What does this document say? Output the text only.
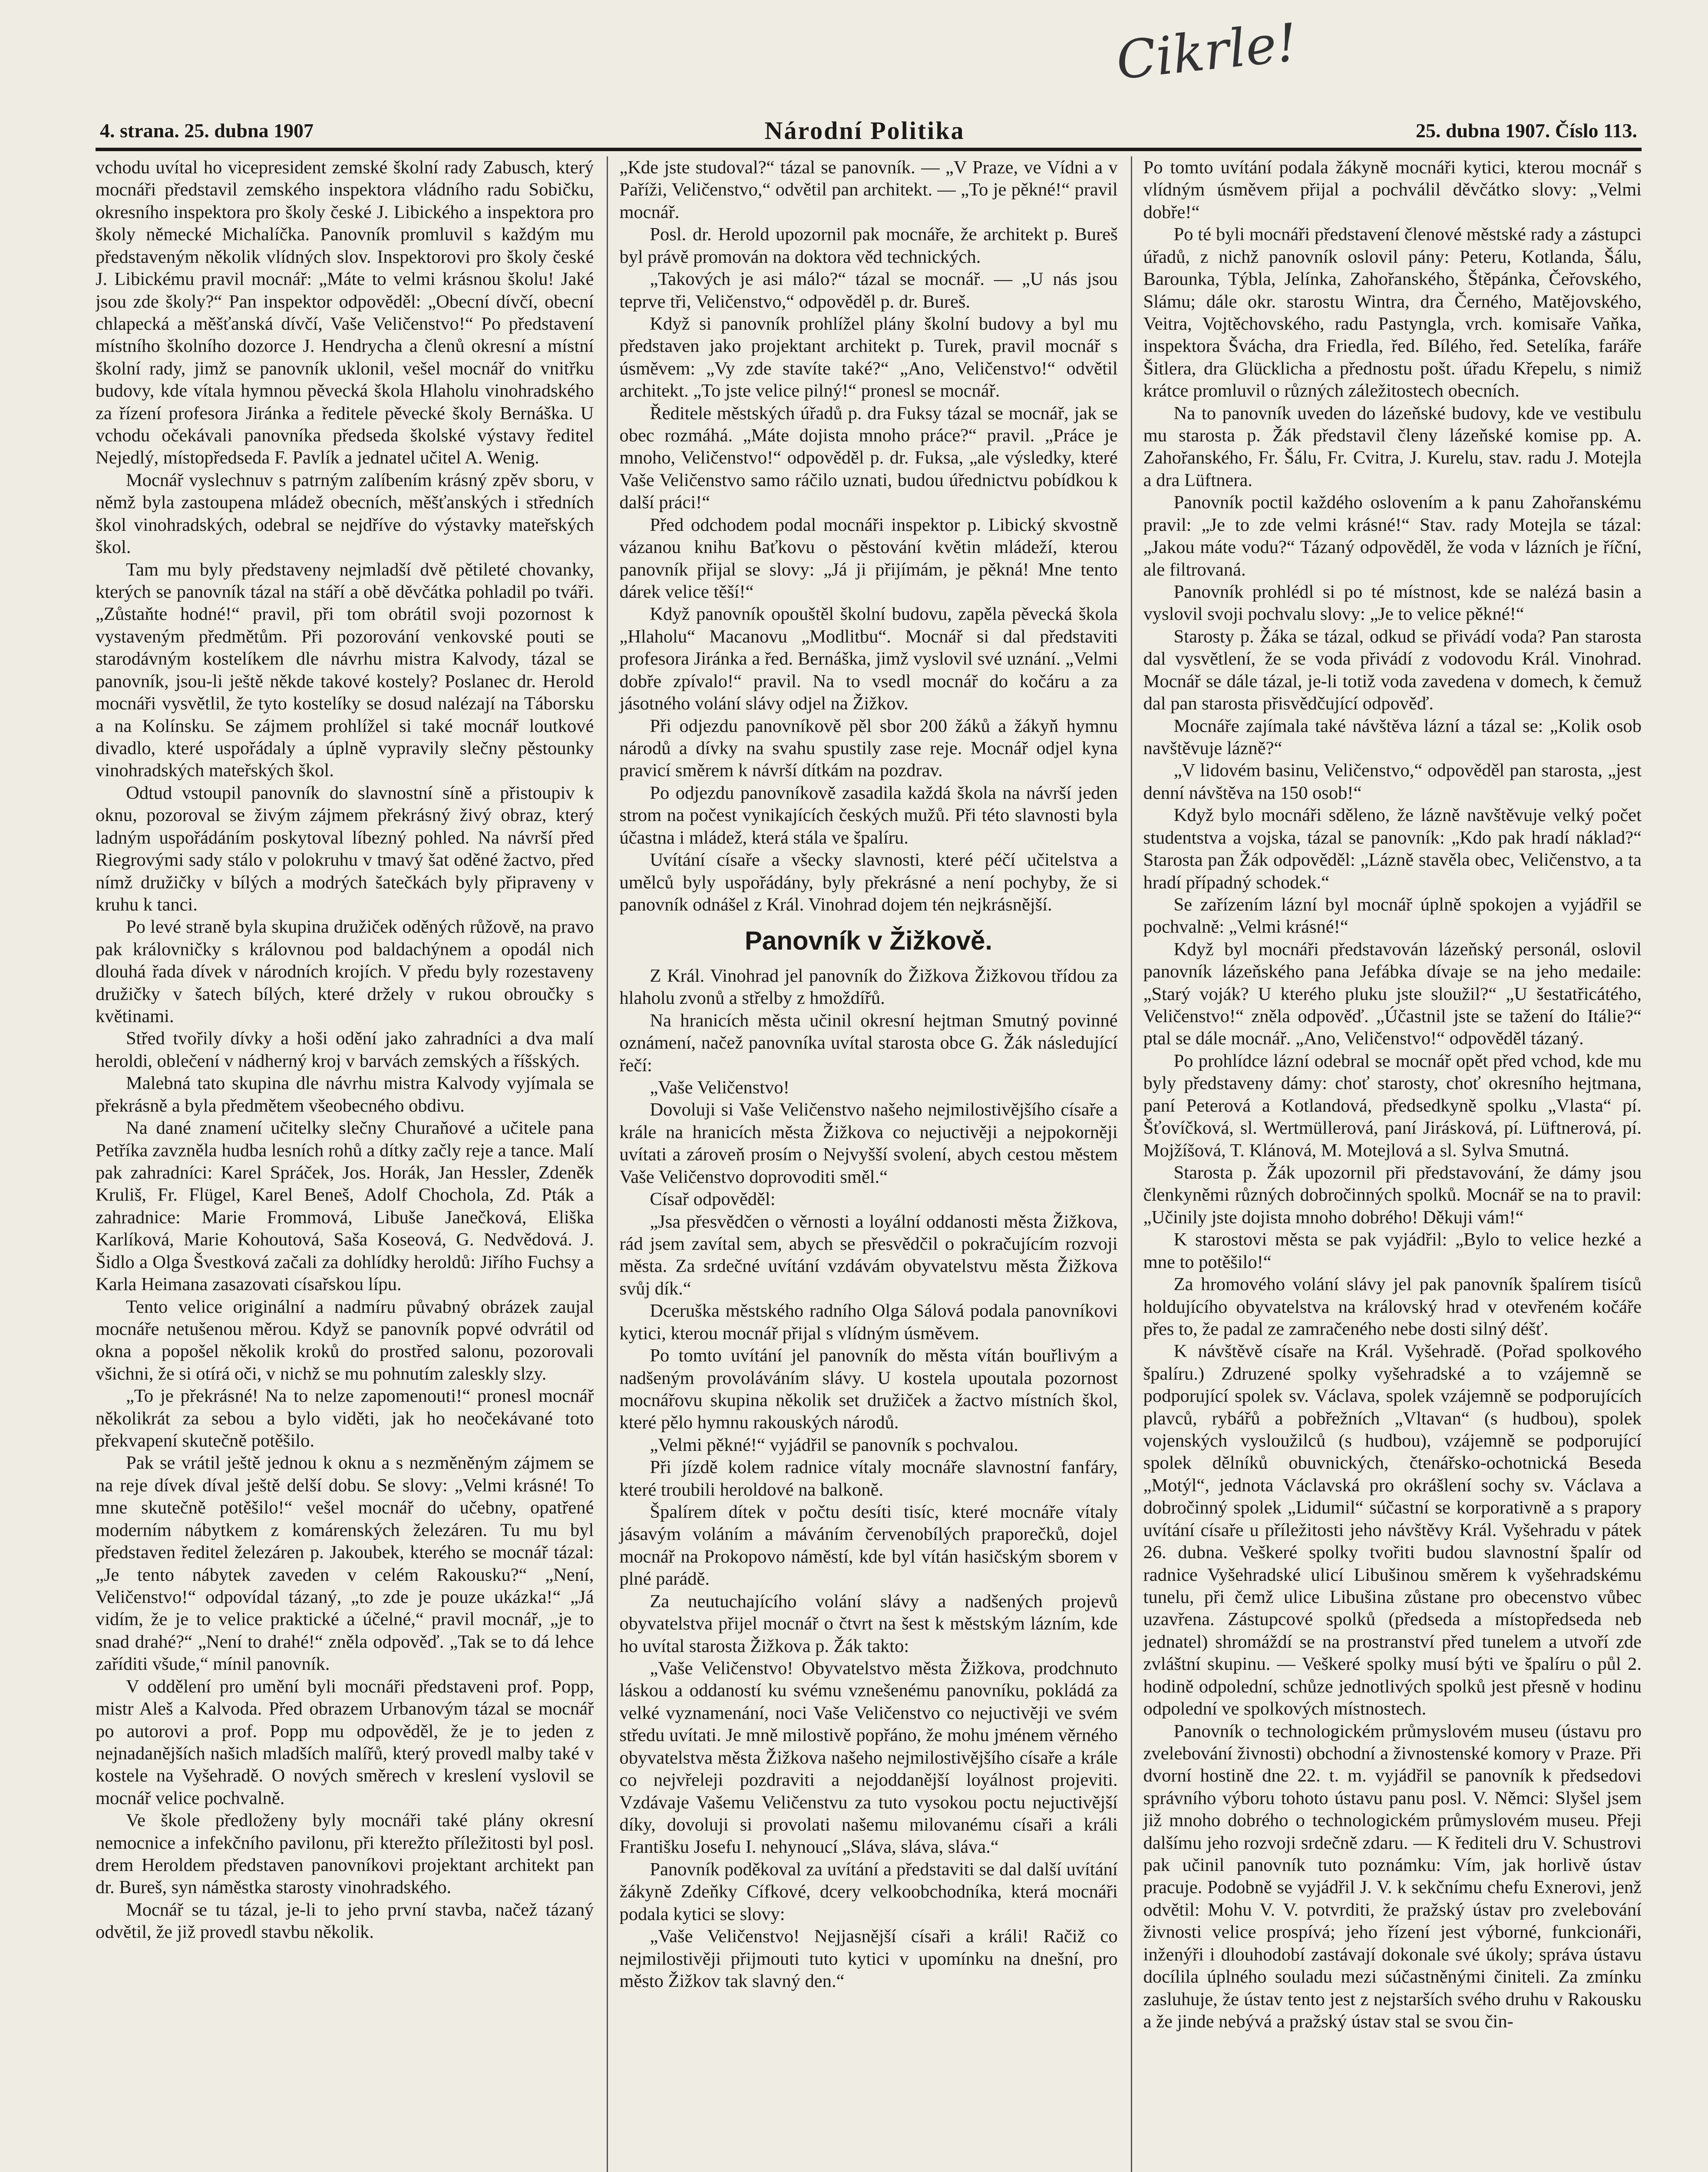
Cikrle!
4. strana. 25. dubna 1907	Národní Politika	25. dubna 1907. Číslo 113.

vchodu uvítal ho vicepresident zemské školní rady Zabusch, který mocnáři představil zemského inspektora vládního radu Sobičku, okresního inspektora pro školy české J. Libického a inspektora pro školy německé Michalíčka. Panovník promluvil s každým mu představeným několik vlídných slov. Inspektorovi pro školy české J. Libickému pravil mocnář: „Máte to velmi krásnou školu! Jaké jsou zde školy?“ Pan inspektor odpověděl: „Obecní dívčí, obecní chlapecká a měšťanská dívčí, Vaše Veličenstvo!“ Po představení místního školního dozorce J. Hendrycha a členů okresní a místní školní rady, jimž se panovník uklonil, vešel mocnář do vnitřku budovy, kde vítala hymnou pěvecká škola Hlaholu vinohradského za řízení profesora Jiránka a ředitele pěvecké školy Bernáška. U vchodu očekávali panovníka předseda školské výstavy ředitel Nejedlý, místopředseda F. Pavlík a jednatel učitel A. Wenig.

Mocnář vyslechnuv s patrným zalíbením krásný zpěv sboru, v němž byla zastoupena mládež obecních, měšťanských i středních škol vinohradských, odebral se nejdříve do výstavky mateřských škol.

Tam mu byly představeny nejmladší dvě pětileté chovanky, kterých se panovník tázal na stáří a obě děvčátka pohladil po tváři. „Zůstaňte hodné!“ pravil, při tom obrátil svoji pozornost k vystaveným předmětům. Při pozorování venkovské pouti se starodávným kostelíkem dle návrhu mistra Kalvody, tázal se panovník, jsou-li ještě někde takové kostely? Poslanec dr. Herold mocnáři vysvětlil, že tyto kostelíky se dosud nalézají na Táborsku a na Kolínsku. Se zájmem prohlížel si také mocnář loutkové divadlo, které uspořádaly a úplně vypravily slečny pěstounky vinohradských mateřských škol.

Odtud vstoupil panovník do slavnostní síně a přistoupiv k oknu, pozoroval se živým zájmem překrásný živý obraz, který ladným uspořádáním poskytoval líbezný pohled. Na návrší před Riegrovými sady stálo v polokruhu v tmavý šat oděné žactvo, před nímž družičky v bílých a modrých šatečkách byly připraveny v kruhu k tanci.

Po levé straně byla skupina družiček oděných růžově, na pravo pak královničky s královnou pod baldachýnem a opodál nich dlouhá řada dívek v národních krojích. V předu byly rozestaveny družičky v šatech bílých, které držely v rukou obroučky s květinami.

Střed tvořily dívky a hoši odění jako zahradníci a dva malí heroldi, oblečení v nádherný kroj v barvách zemských a říšských.

Malebná tato skupina dle návrhu mistra Kalvody vyjímala se překrásně a byla předmětem všeobecného obdivu.

Na dané znamení učitelky slečny Churaňové a učitele pana Petříka zavzněla hudba lesních rohů a dítky začly reje a tance. Malí pak zahradníci: Karel Spráček, Jos. Horák, Jan Hessler, Zdeněk Kruliš, Fr. Flügel, Karel Beneš, Adolf Chochola, Zd. Pták a zahradnice: Marie Frommová, Libuše Janečková, Eliška Karlíková, Marie Kohoutová, Saša Koseová, G. Nedvědová. J. Šidlo a Olga Švestková začali za dohlídky heroldů: Jiřího Fuchsy a Karla Heimana zasazovati císařskou lípu.

Tento velice originální a nadmíru půvabný obrázek zaujal mocnáře netušenou měrou. Když se panovník popvé odvrátil od okna a popošel několik kroků do prostřed salonu, pozorovali všichni, že si otírá oči, v nichž se mu pohnutím zaleskly slzy.

„To je překrásné! Na to nelze zapomenouti!“ pronesl mocnář několikrát za sebou a bylo viděti, jak ho neočekávané toto překvapení skutečně potěšilo.

Pak se vrátil ještě jednou k oknu a s nezměněným zájmem se na reje dívek díval ještě delší dobu. Se slovy: „Velmi krásné! To mne skutečně potěšilo!“ vešel mocnář do učebny, opatřené moderním nábytkem z komárenských železáren. Tu mu byl představen ředitel železáren p. Jakoubek, kterého se mocnář tázal: „Je tento nábytek zaveden v celém Rakousku?“ „Není, Veličenstvo!“ odpovídal tázaný, „to zde je pouze ukázka!“ „Já vidím, že je to velice praktické a účelné,“ pravil mocnář, „je to snad drahé?“ „Není to drahé!“ zněla odpověď. „Tak se to dá lehce zaříditi všude,“ mínil panovník.

V oddělení pro umění byli mocnáři představeni prof. Popp, mistr Aleš a Kalvoda. Před obrazem Urbanovým tázal se mocnář po autorovi a prof. Popp mu odpověděl, že je to jeden z nejnadanějších našich mladších malířů, který provedl malby také v kostele na Vyšehradě. O nových směrech v kreslení vyslovil se mocnář velice pochvalně.

Ve škole předloženy byly mocnáři také plány okresní nemocnice a infekčního pavilonu, při kterežto příležitosti byl posl. drem Heroldem představen panovníkovi projektant architekt pan dr. Bureš, syn náměstka starosty vinohradského.

Mocnář se tu tázal, je-li to jeho první stavba, načež tázaný odvětil, že již provedl stavbu několik.

„Kde jste studoval?“ tázal se panovník. — „V Praze, ve Vídni a v Paříži, Veličenstvo,“ odvětil pan architekt. — „To je pěkné!“ pravil mocnář.

Posl. dr. Herold upozornil pak mocnáře, že architekt p. Bureš byl právě promován na doktora věd technických.

„Takových je asi málo?“ tázal se mocnář. — „U nás jsou teprve tři, Veličenstvo,“ odpověděl p. dr. Bureš.

Když si panovník prohlížel plány školní budovy a byl mu představen jako projektant architekt p. Turek, pravil mocnář s úsměvem: „Vy zde stavíte také?“ „Ano, Veličenstvo!“ odvětil architekt. „To jste velice pilný!“ pronesl se mocnář.

Ředitele městských úřadů p. dra Fuksy tázal se mocnář, jak se obec rozmáhá. „Máte dojista mnoho práce?“ pravil. „Práce je mnoho, Veličenstvo!“ odpověděl p. dr. Fuksa, „ale výsledky, které Vaše Veličenstvo samo ráčilo uznati, budou úřednictvu pobídkou k další práci!“

Před odchodem podal mocnáři inspektor p. Libický skvostně vázanou knihu Baťkovu o pěstování květin mládeží, kterou panovník přijal se slovy: „Já ji přijímám, je pěkná! Mne tento dárek velice těší!“

Když panovník opouštěl školní budovu, zapěla pěvecká škola „Hlaholu“ Macanovu „Modlitbu“. Mocnář si dal představiti profesora Jiránka a řed. Bernáška, jimž vyslovil své uznání. „Velmi dobře zpívalo!“ pravil. Na to vsedl mocnář do kočáru a za jásotného volání slávy odjel na Žižkov.

Při odjezdu panovníkově pěl sbor 200 žáků a žákyň hymnu národů a dívky na svahu spustily zase reje. Mocnář odjel kyna pravicí směrem k návrší dítkám na pozdrav.

Po odjezdu panovníkově zasadila každá škola na návrší jeden strom na počest vynikajících českých mužů. Při této slavnosti byla účastna i mládež, která stála ve špalíru.

Uvítání císaře a všecky slavnosti, které péčí učitelstva a umělců byly uspořádány, byly překrásné a není pochyby, že si panovník odnášel z Král. Vinohrad dojem tén nejkrásnější.

Panovník v Žižkově.

Z Král. Vinohrad jel panovník do Žižkova Žižkovou třídou za hlaholu zvonů a střelby z hmoždířů.

Na hranicích města učinil okresní hejtman Smutný povinné oznámení, načež panovníka uvítal starosta obce G. Žák následující řečí:

„Vaše Veličenstvo!

Dovoluji si Vaše Veličenstvo našeho nejmilostivějšího císaře a krále na hranicích města Žižkova co nejuctivěji a nejpokorněji uvítati a zároveň prosím o Nejvyšší svolení, abych cestou městem Vaše Veličenstvo doprovoditi směl.“

Císař odpověděl:

„Jsa přesvědčen o věrnosti a loyální oddanosti města Žižkova, rád jsem zavítal sem, abych se přesvědčil o pokračujícím rozvoji města. Za srdečné uvítání vzdávám obyvatelstvu města Žižkova svůj dík.“

Dceruška městského radního Olga Sálová podala panovníkovi kytici, kterou mocnář přijal s vlídným úsměvem.

Po tomto uvítání jel panovník do města vítán bouřlivým a nadšeným provoláváním slávy. U kostela upoutala pozornost mocnářovu skupina několik set družiček a žactvo místních škol, které pělo hymnu rakouských národů.

„Velmi pěkné!“ vyjádřil se panovník s pochvalou.

Při jízdě kolem radnice vítaly mocnáře slavnostní fanfáry, které troubili heroldové na balkoně.

Špalírem dítek v počtu desíti tisíc, které mocnáře vítaly jásavým voláním a máváním červenobílých praporečků, dojel mocnář na Prokopovo náměstí, kde byl vítán hasičským sborem v plné parádě.

Za neutuchajícího volání slávy a nadšených projevů obyvatelstva přijel mocnář o čtvrt na šest k městským lázním, kde ho uvítal starosta Žižkova p. Žák takto:

„Vaše Veličenstvo! Obyvatelstvo města Žižkova, prodchnuto láskou a oddaností ku svému vznešenému panovníku, pokládá za velké vyznamenání, noci Vaše Veličenstvo co nejuctivěji ve svém středu uvítati. Je mně milostivě popřáno, že mohu jménem věrného obyvatelstva města Žižkova našeho nejmilostivějšího císaře a krále co nejvřeleji pozdraviti a nejoddanější loyálnost projeviti. Vzdávaje Vašemu Veličenstvu za tuto vysokou poctu nejuctivější díky, dovoluji si provolati našemu milovanému císaři a králi Františku Josefu I. nehynoucí „Sláva, sláva, sláva.“

Panovník poděkoval za uvítání a představiti se dal další uvítání žákyně Zdeňky Cífkové, dcery velkoobchodníka, která mocnáři podala kytici se slovy:

„Vaše Veličenstvo! Nejjasnější císaři a králi! Račiž co nejmilostivěji přijmouti tuto kytici v upomínku na dnešní, pro město Žižkov tak slavný den.“

Po tomto uvítání podala žákyně mocnáři kytici, kterou mocnář s vlídným úsměvem přijal a pochválil děvčátko slovy: „Velmi dobře!“

Po té byli mocnáři představení členové městské rady a zástupci úřadů, z nichž panovník oslovil pány: Peteru, Kotlanda, Šálu, Barounka, Týbla, Jelínka, Zahořanského, Štěpánka, Čeřovského, Slámu; dále okr. starostu Wintra, dra Černého, Matějovského, Veitra, Vojtěchovského, radu Pastyngla, vrch. komisaře Vaňka, inspektora Švácha, dra Friedla, řed. Bílého, řed. Setelíka, faráře Šitlera, dra Glücklicha a přednostu pošt. úřadu Křepelu, s nimiž krátce promluvil o různých záležitostech obecních.

Na to panovník uveden do lázeňské budovy, kde ve vestibulu mu starosta p. Žák představil členy lázeňské komise pp. A. Zahořanského, Fr. Šálu, Fr. Cvitra, J. Kurelu, stav. radu J. Motejla a dra Lüftnera.

Panovník poctil každého oslovením a k panu Zahořanskému pravil: „Je to zde velmi krásné!“ Stav. rady Motejla se tázal: „Jakou máte vodu?“ Tázaný odpověděl, že voda v lázních je říční, ale filtrovaná.

Panovník prohlédl si po té místnost, kde se nalézá basin a vyslovil svoji pochvalu slovy: „Je to velice pěkné!“

Starosty p. Žáka se tázal, odkud se přivádí voda? Pan starosta dal vysvětlení, že se voda přivádí z vodovodu Král. Vinohrad. Mocnář se dále tázal, je-li totiž voda zavedena v domech, k čemuž dal pan starosta přisvědčující odpověď.

Mocnáře zajímala také návštěva lázní a tázal se: „Kolik osob navštěvuje lázně?“

„V lidovém basinu, Veličenstvo,“ odpověděl pan starosta, „jest denní návštěva na 150 osob!“

Když bylo mocnáři sděleno, že lázně navštěvuje velký počet studentstva a vojska, tázal se panovník: „Kdo pak hradí náklad?“ Starosta pan Žák odpověděl: „Lázně stavěla obec, Veličenstvo, a ta hradí případný schodek.“

Se zařízením lázní byl mocnář úplně spokojen a vyjádřil se pochvalně: „Velmi krásné!“

Když byl mocnáři představován lázeňský personál, oslovil panovník lázeňského pana Jefábka dívaje se na jeho medaile: „Starý voják? U kterého pluku jste sloužil?“ „U šestatřicátého, Veličenstvo!“ zněla odpověď. „Účastnil jste se tažení do Itálie?“ ptal se dále mocnář. „Ano, Veličenstvo!“ odpověděl tázaný.

Po prohlídce lázní odebral se mocnář opět před vchod, kde mu byly představeny dámy: choť starosty, choť okresního hejtmana, paní Peterová a Kotlandová, předsedkyně spolku „Vlasta“ pí. Šťovíčková, sl. Wertmüllerová, paní Jirásková, pí. Lüftnerová, pí. Mojžíšová, T. Klánová, M. Motejlová a sl. Sylva Smutná.

Starosta p. Žák upozornil při představování, že dámy jsou členkyněmi různých dobročinných spolků. Mocnář se na to pravil: „Učinily jste dojista mnoho dobrého! Děkuji vám!“

K starostovi města se pak vyjádřil: „Bylo to velice hezké a mne to potěšilo!“

Za hromového volání slávy jel pak panovník špalírem tisíců holdujícího obyvatelstva na královský hrad v otevřeném kočáře přes to, že padal ze zamračeného nebe dosti silný déšť.

K návštěvě císaře na Král. Vyšehradě. (Pořad spolkového špalíru.) Zdruzené spolky vyšehradské a to vzájemně se podporující spolek sv. Václava, spolek vzájemně se podporujících plavců, rybářů a pobřežních „Vltavan“ (s hudbou), spolek vojenských vysloužilců (s hudbou), vzájemně se podporující spolek dělníků obuvnických, čtenářsko-ochotnická Beseda „Motýl“, jednota Václavská pro okrášlení sochy sv. Václava a dobročinný spolek „Lidumil“ súčastní se korporativně a s prapory uvítání císaře u příležitosti jeho návštěvy Král. Vyšehradu v pátek 26. dubna. Veškeré spolky tvořiti budou slavnostní špalír od radnice Vyšehradské ulicí Libušinou směrem k vyšehradskému tunelu, při čemž ulice Libušina zůstane pro obecenstvo vůbec uzavřena. Zástupcové spolků (předseda a místopředseda neb jednatel) shromáždí se na prostranství před tunelem a utvoří zde zvláštní skupinu. — Veškeré spolky musí býti ve špalíru o půl 2. hodině odpolední, schůze jednotlivých spolků jest přesně v hodinu odpolední ve spolkových místnostech.

Panovník o technologickém průmyslovém museu (ústavu pro zvelebování živnosti) obchodní a živnostenské komory v Praze. Při dvorní hostině dne 22. t. m. vyjádřil se panovník k předsedovi správního výboru tohoto ústavu panu posl. V. Němci: Slyšel jsem již mnoho dobrého o technologickém průmyslovém museu. Přeji dalšímu jeho rozvoji srdečně zdaru. — K řediteli dru V. Schustrovi pak učinil panovník tuto poznámku: Vím, jak horlivě ústav pracuje. Podobně se vyjádřil J. V. k sekčnímu chefu Exnerovi, jenž odvětil: Mohu V. V. potvrditi, že pražský ústav pro zvelebování živnosti velice prospívá; jeho řízení jest výborné, funkcionáři, inženýři i dlouhodobí zastávají dokonale své úkoly; správa ústavu docílila úplného souladu mezi súčastněnými činiteli. Za zmínku zasluhuje, že ústav tento jest z nejstarších svého druhu v Rakousku a že jinde nebývá a pražský ústav stal se svou čin-
